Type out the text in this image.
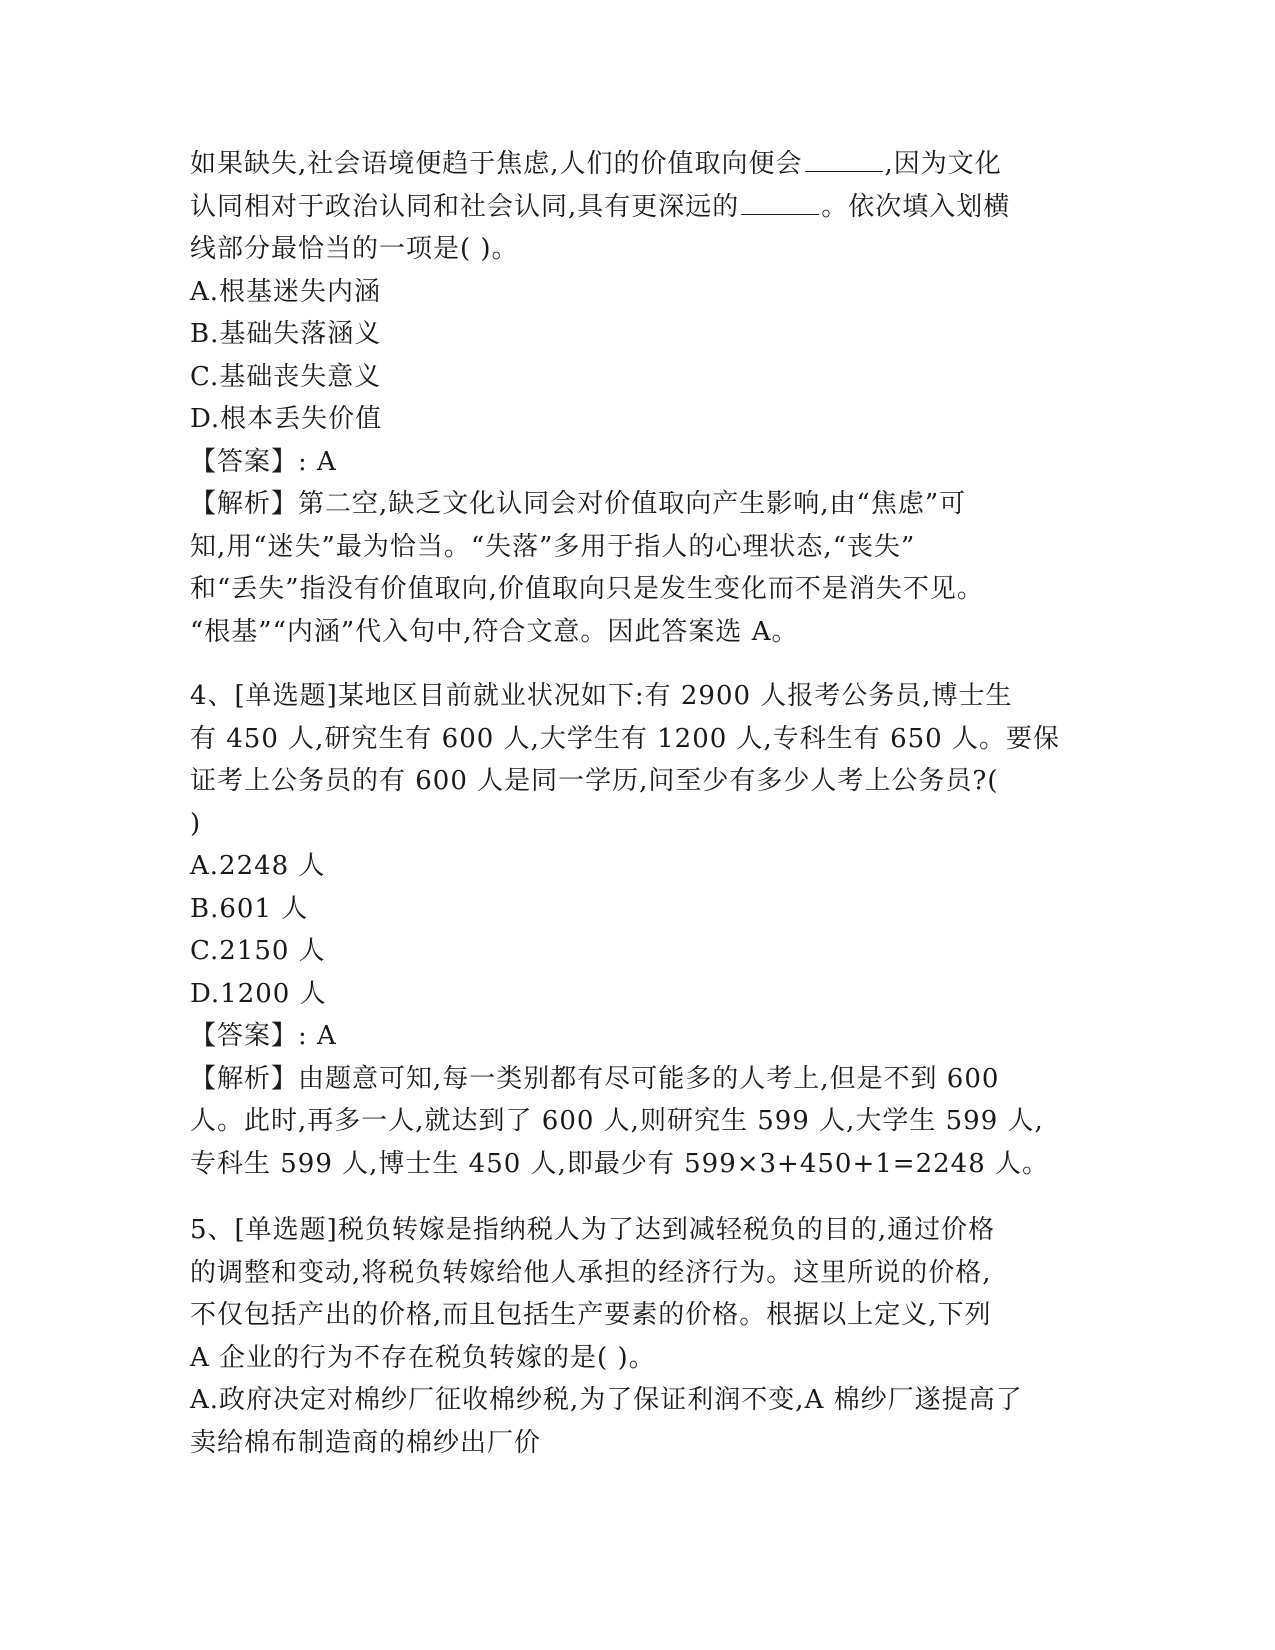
如果缺失,社会语境便趋于焦虑,人们的价值取向便会	,因为文化
认同相对于政治认同和社会认同,具有更深远的	。依次填入划横
线部分最恰当的一项是( )。
A.根基迷失内涵
B.基础失落涵义
C.基础丧失意义
D.根本丢失价值
【答案】: A
【解析】第二空,缺乏文化认同会对价值取向产生影响,由“焦虑”可
知,用“迷失”最为恰当。“失落”多用于指人的心理状态,“丧失”
和“丢失”指没有价值取向,价值取向只是发生变化而不是消失不见。
“根基”“内涵”代入句中,符合文意。因此答案选 A。
4、[单选题]某地区目前就业状况如下:有 2900 人报考公务员,博士生
有 450 人,研究生有 600 人,大学生有 1200 人,专科生有 650 人。要保
证考上公务员的有 600 人是同一学历,问至少有多少人考上公务员?(
)
A.2248 人
B.601 人
C.2150 人
D.1200 人
【答案】: A
【解析】由题意可知,每一类别都有尽可能多的人考上,但是不到 600
人。此时,再多一人,就达到了 600 人,则研究生 599 人,大学生 599 人,
专科生 599 人,博士生 450 人,即最少有 599×3+450+1=2248 人。
5、[单选题]税负转嫁是指纳税人为了达到减轻税负的目的,通过价格
的调整和变动,将税负转嫁给他人承担的经济行为。这里所说的价格,
不仅包括产出的价格,而且包括生产要素的价格。根据以上定义,下列
A 企业的行为不存在税负转嫁的是( )。
A.政府决定对棉纱厂征收棉纱税,为了保证利润不变,A 棉纱厂遂提高了
卖给棉布制造商的棉纱出厂价
